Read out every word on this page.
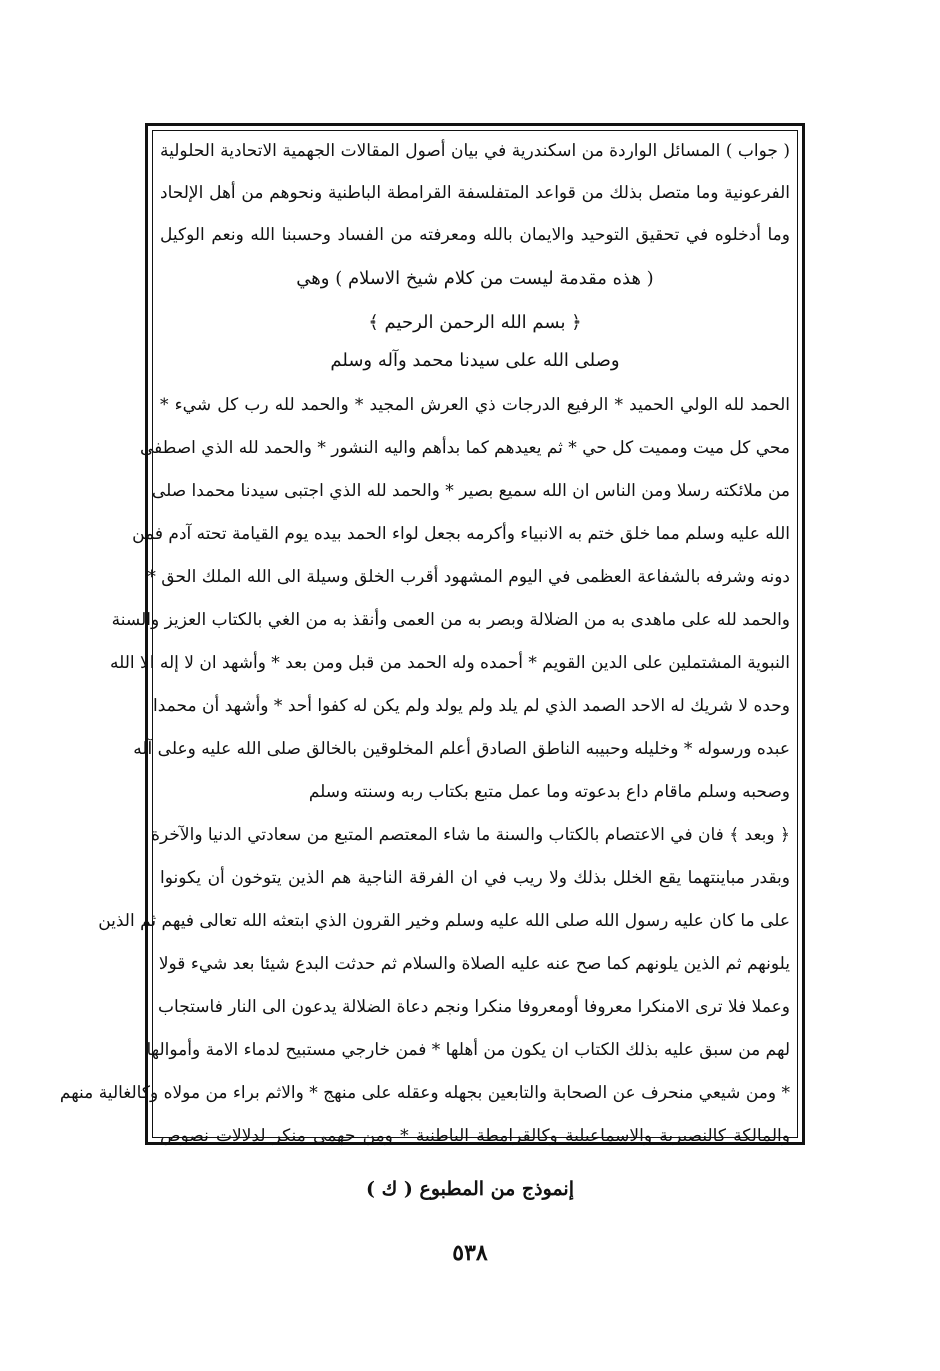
( جواب ) المسائل الواردة من اسكندرية في بيان أصول المقالات الجهمية الاتحادية الحلولية
الفرعونية وما متصل بذلك من قواعد المتفلسفة القرامطة الباطنية ونحوهم من أهل الإلحاد
وما أدخلوه في تحقيق التوحيد والايمان بالله ومعرفته من الفساد وحسبنا الله ونعم الوكيل
( هذه مقدمة ليست من كلام شيخ الاسلام ) وهي
﴿ بسم الله الرحمن الرحيم ﴾
وصلى الله على سيدنا محمد وآله وسلم
الحمد لله الولي الحميد * الرفيع الدرجات ذي العرش المجيد * والحمد لله رب كل شيء *
محي كل ميت ومميت كل حي * ثم يعيدهم كما بدأهم واليه النشور * والحمد لله الذي اصطفى
من ملائكته رسلا ومن الناس ان الله سميع بصير * والحمد لله الذي اجتبى سيدنا محمدا صلى
الله عليه وسلم مما خلق ختم به الانبياء وأكرمه بجعل لواء الحمد بيده يوم القيامة تحته آدم فمن
دونه وشرفه بالشفاعة العظمى في اليوم المشهود أقرب الخلق وسيلة الى الله الملك الحق *
والحمد لله على ماهدى به من الضلالة وبصر به من العمى وأنقذ به من الغي بالكتاب العزيز والسنة
النبوية المشتملين على الدين القويم * أحمده وله الحمد من قبل ومن بعد * وأشهد ان لا إله الا الله
وحده لا شريك له الاحد الصمد الذي لم يلد ولم يولد ولم يكن له كفوا أحد * وأشهد أن محمدا
عبده ورسوله * وخليله وحبيبه الناطق الصادق أعلم المخلوقين بالخالق صلى الله عليه وعلى آله
وصحبه وسلم ماقام داع بدعوته وما عمل متبع بكتاب ربه وسنته وسلم
﴿ وبعد ﴾ فان في الاعتصام بالكتاب والسنة ما شاء المعتصم المتبع من سعادتي الدنيا والآخرة
وبقدر مباينتهما يقع الخلل بذلك ولا ريب في ان الفرقة الناجية هم الذين يتوخون أن يكونوا
على ما كان عليه رسول الله صلى الله عليه وسلم وخير القرون الذي ابتعثه الله تعالى فيهم ثم الذين
يلونهم ثم الذين يلونهم كما صح عنه عليه الصلاة والسلام ثم حدثت البدع شيئا بعد شيء قولا
وعملا فلا ترى الامنكرا معروفا أومعروفا منكرا ونجم دعاة الضلالة يدعون الى النار فاستجاب
لهم من سبق عليه بذلك الكتاب ان يكون من أهلها * فمن خارجي مستبيح لدماء الامة وأموالها
* ومن شيعي منحرف عن الصحابة والتابعين بجهله وعقله على منهج * والاثم براء من مولاه وكالغالية منهم
والمالكة كالنصيرية والاسماعيلية وكالقرامطة الباطنية * ومن جهمي منكر لدلالات نصوص
إنموذج من المطبوع ( ك )
٥٣٨
